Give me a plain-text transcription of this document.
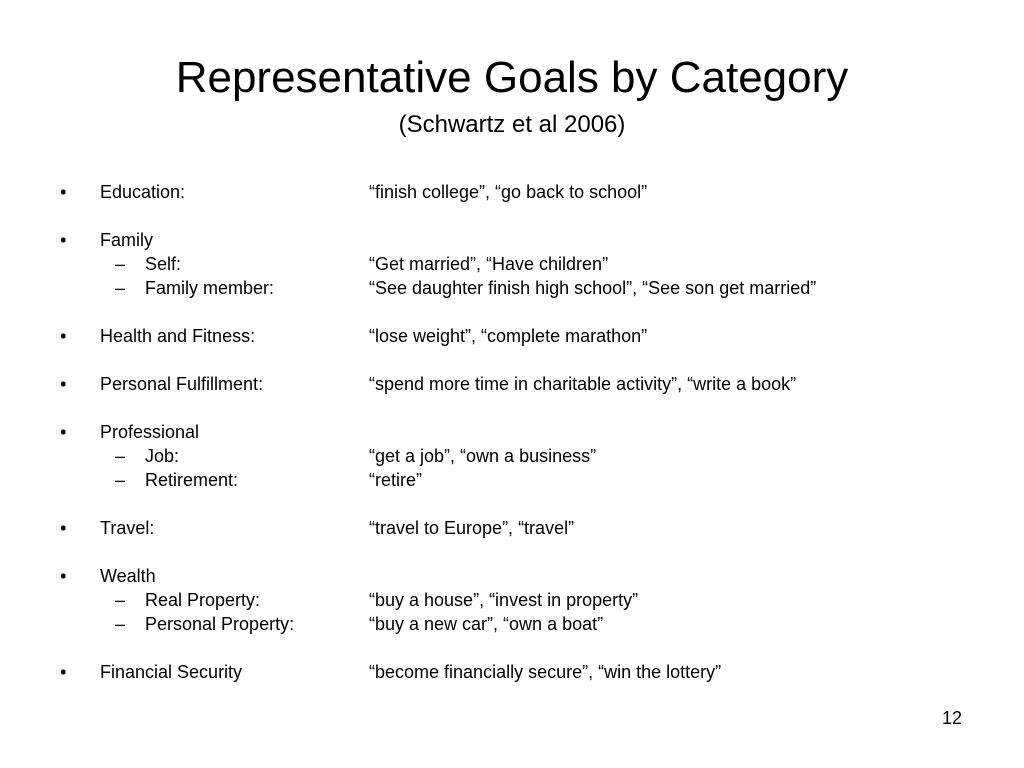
Representative Goals by Category
(Schwartz et al 2006)
• Education:	“finish college”, “go back to school”
• Family
– Self:	“Get married”, “Have children”
– Family member:	“See daughter finish high school”, “See son get married”
• Health and Fitness:	“lose weight”, “complete marathon”
• Personal Fulfillment:	“spend more time in charitable activity”, “write a book”
• Professional
– Job:	“get a job”, “own a business”
– Retirement:	“retire”
• Travel:	“travel to Europe”, “travel”
• Wealth
– Real Property:	“buy a house”, “invest in property”
– Personal Property:	“buy a new car”, “own a boat”
• Financial Security	“become financially secure”, “win the lottery”
12
